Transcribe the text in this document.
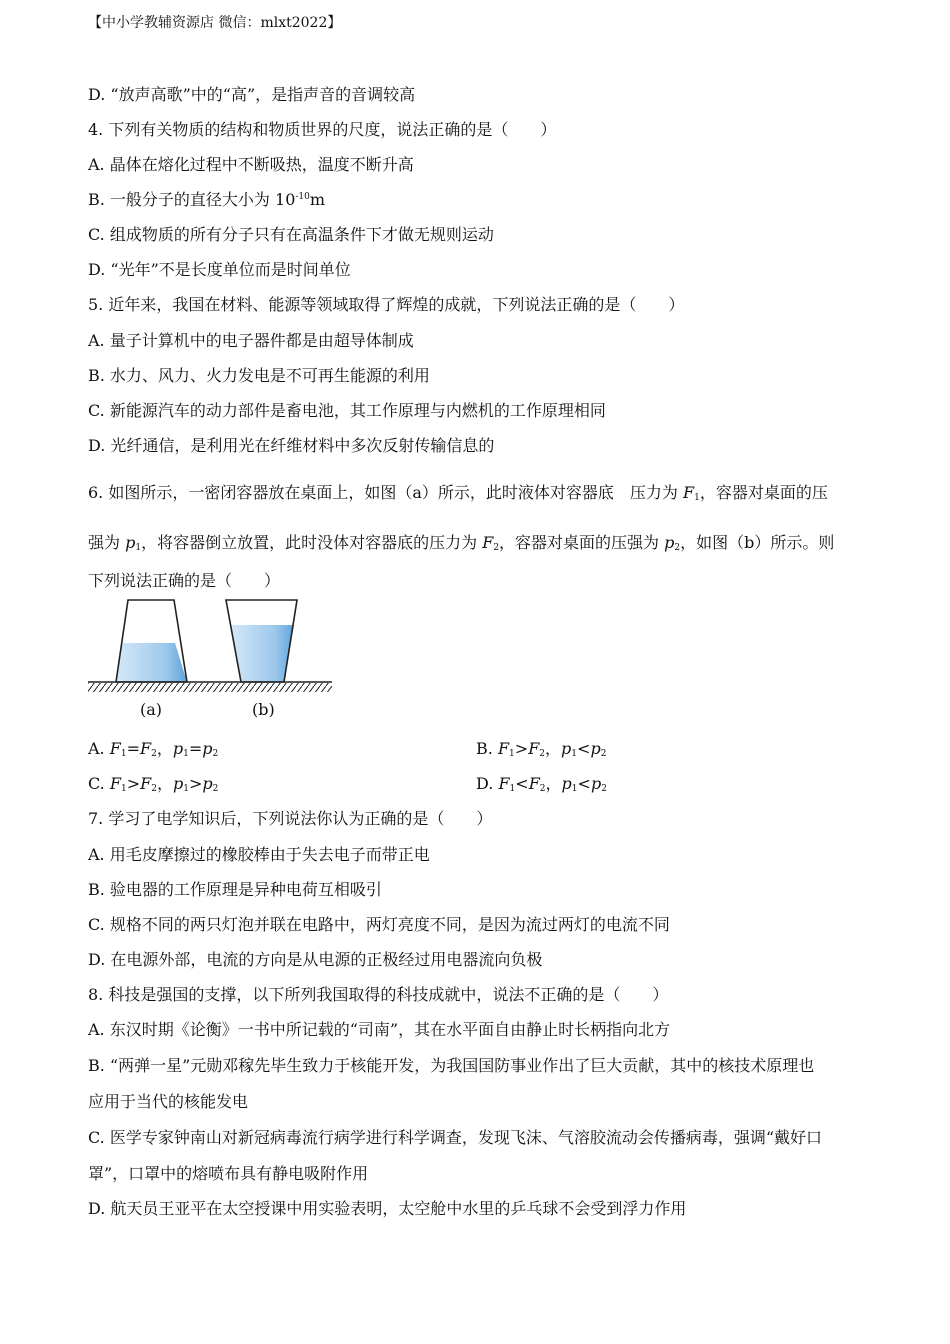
【中小学教辅资源店 微信：mlxt2022】
D. “放声高歌”中的“高”，是指声音的音调较高
4. 下列有关物质的结构和物质世界的尺度，说法正确的是（　　）
A. 晶体在熔化过程中不断吸热，温度不断升高
B. 一般分子的直径大小为 $10^{-10}m$
C. 组成物质的所有分子只有在高温条件下才做无规则运动
D. “光年”不是长度单位而是时间单位
5. 近年来，我国在材料、能源等领域取得了辉煌的成就，下列说法正确的是（　　）
A. 量子计算机中的电子器件都是由超导体制成
B. 水力、风力、火力发电是不可再生能源的利用
C. 新能源汽车的动力部件是畜电池，其工作原理与内燃机的工作原理相同
D. 光纤通信，是利用光在纤维材料中多次反射传输信息的
6. 如图所示，一密闭容器放在桌面上，如图（a）所示，此时液体对容器底　压力为 $F_1$，容器对桌面的压
强为 $p_1$，将容器倒立放置，此时没体对容器底的压力为 $F_2$，容器对桌面的压强为 $p_2$，如图（b）所示。则
下列说法正确的是（　　）
(a)	(b)
A. $F_1=F_2$，$p_1=p_2$	B. $F_1>F_2$，$p_1<p_2$
C. $F_1>F_2$，$p_1>p_2$	D. $F_1<F_2$，$p_1<p_2$
7. 学习了电学知识后，下列说法你认为正确的是（　　）
A. 用毛皮摩擦过的橡胶棒由于失去电子而带正电
B. 验电器的工作原理是异种电荷互相吸引
C. 规格不同的两只灯泡并联在电路中，两灯亮度不同，是因为流过两灯的电流不同
D. 在电源外部，电流的方向是从电源的正极经过用电器流向负极
8. 科技是强国的支撑，以下所列我国取得的科技成就中，说法不正确的是（　　）
A. 东汉时期《论衡》一书中所记载的“司南”，其在水平面自由静止时长柄指向北方
B. “两弹一星”元勋邓稼先毕生致力于核能开发，为我国国防事业作出了巨大贡献，其中的核技术原理也
应用于当代的核能发电
C. 医学专家钟南山对新冠病毒流行病学进行科学调查，发现飞沫、气溶胶流动会传播病毒，强调“戴好口
罩”，口罩中的熔喷布具有静电吸附作用
D. 航天员王亚平在太空授课中用实验表明，太空舱中水里的乒乓球不会受到浮力作用
